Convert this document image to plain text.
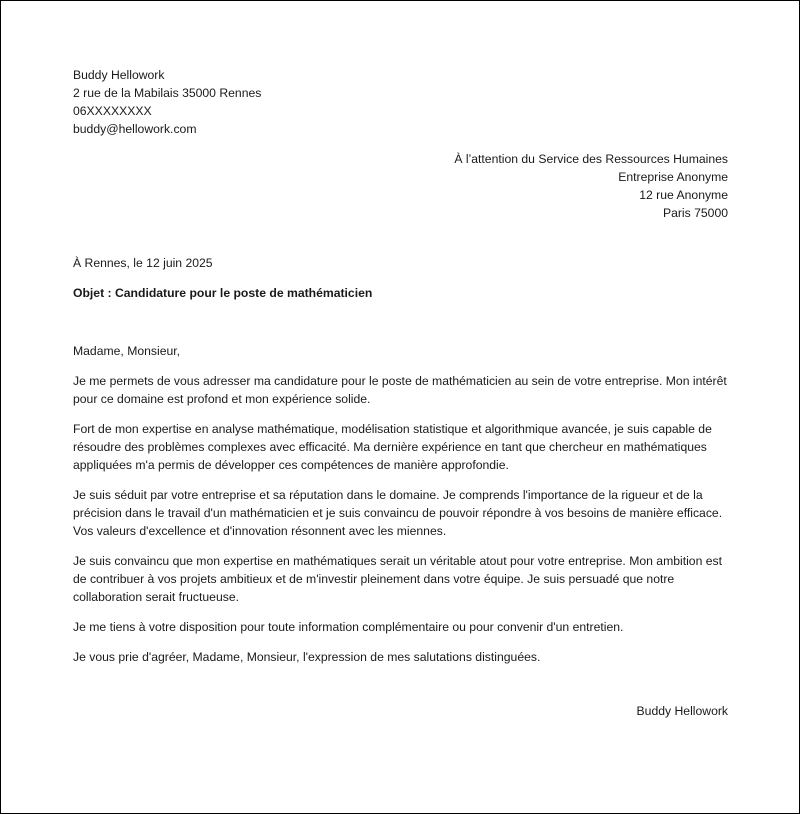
Buddy Hellowork
2 rue de la Mabilais 35000 Rennes
06XXXXXXXX
buddy@hellowork.com
À l’attention du Service des Ressources Humaines
Entreprise Anonyme
12 rue Anonyme
Paris 75000
À Rennes, le 12 juin 2025
Objet : Candidature pour le poste de mathématicien
Madame, Monsieur,
Je me permets de vous adresser ma candidature pour le poste de mathématicien au sein de votre entreprise. Mon intérêt pour ce domaine est profond et mon expérience solide.
Fort de mon expertise en analyse mathématique, modélisation statistique et algorithmique avancée, je suis capable de résoudre des problèmes complexes avec efficacité. Ma dernière expérience en tant que chercheur en mathématiques appliquées m'a permis de développer ces compétences de manière approfondie.
Je suis séduit par votre entreprise et sa réputation dans le domaine. Je comprends l'importance de la rigueur et de la précision dans le travail d'un mathématicien et je suis convaincu de pouvoir répondre à vos besoins de manière efficace. Vos valeurs d'excellence et d'innovation résonnent avec les miennes.
Je suis convaincu que mon expertise en mathématiques serait un véritable atout pour votre entreprise. Mon ambition est de contribuer à vos projets ambitieux et de m'investir pleinement dans votre équipe. Je suis persuadé que notre collaboration serait fructueuse.
Je me tiens à votre disposition pour toute information complémentaire ou pour convenir d'un entretien.
Je vous prie d'agréer, Madame, Monsieur, l'expression de mes salutations distinguées.
Buddy Hellowork
